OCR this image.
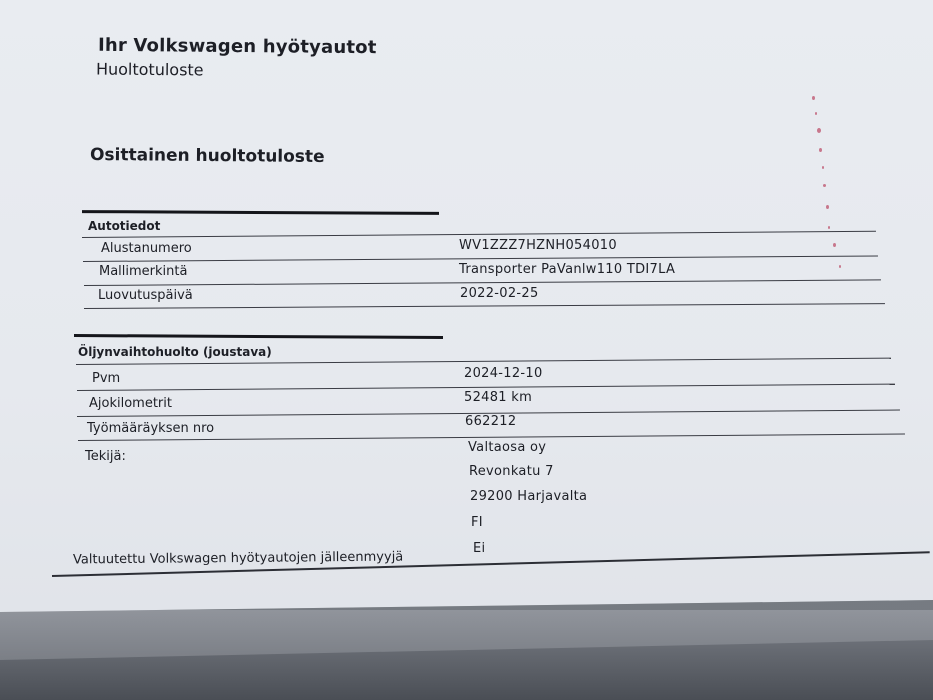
Ihr Volkswagen hyötyautot
Huoltotuloste
Osittainen huoltotuloste
Autotiedot
Alustanumero	WV1ZZZ7HZNH054010
Mallimerkintä	Transporter PaVanlw110 TDI7LA
Luovutuspäivä	2022-02-25
Öljynvaihtohuolto (joustava)
Pvm	2024-12-10
Ajokilometrit	52481 km
Työmääräyksen nro	662212
Tekijä:
Valtaosa oy
Revonkatu 7
29200 Harjavalta
FI
Valtuutettu Volkswagen hyötyautojen jälleenmyyjä
Ei
